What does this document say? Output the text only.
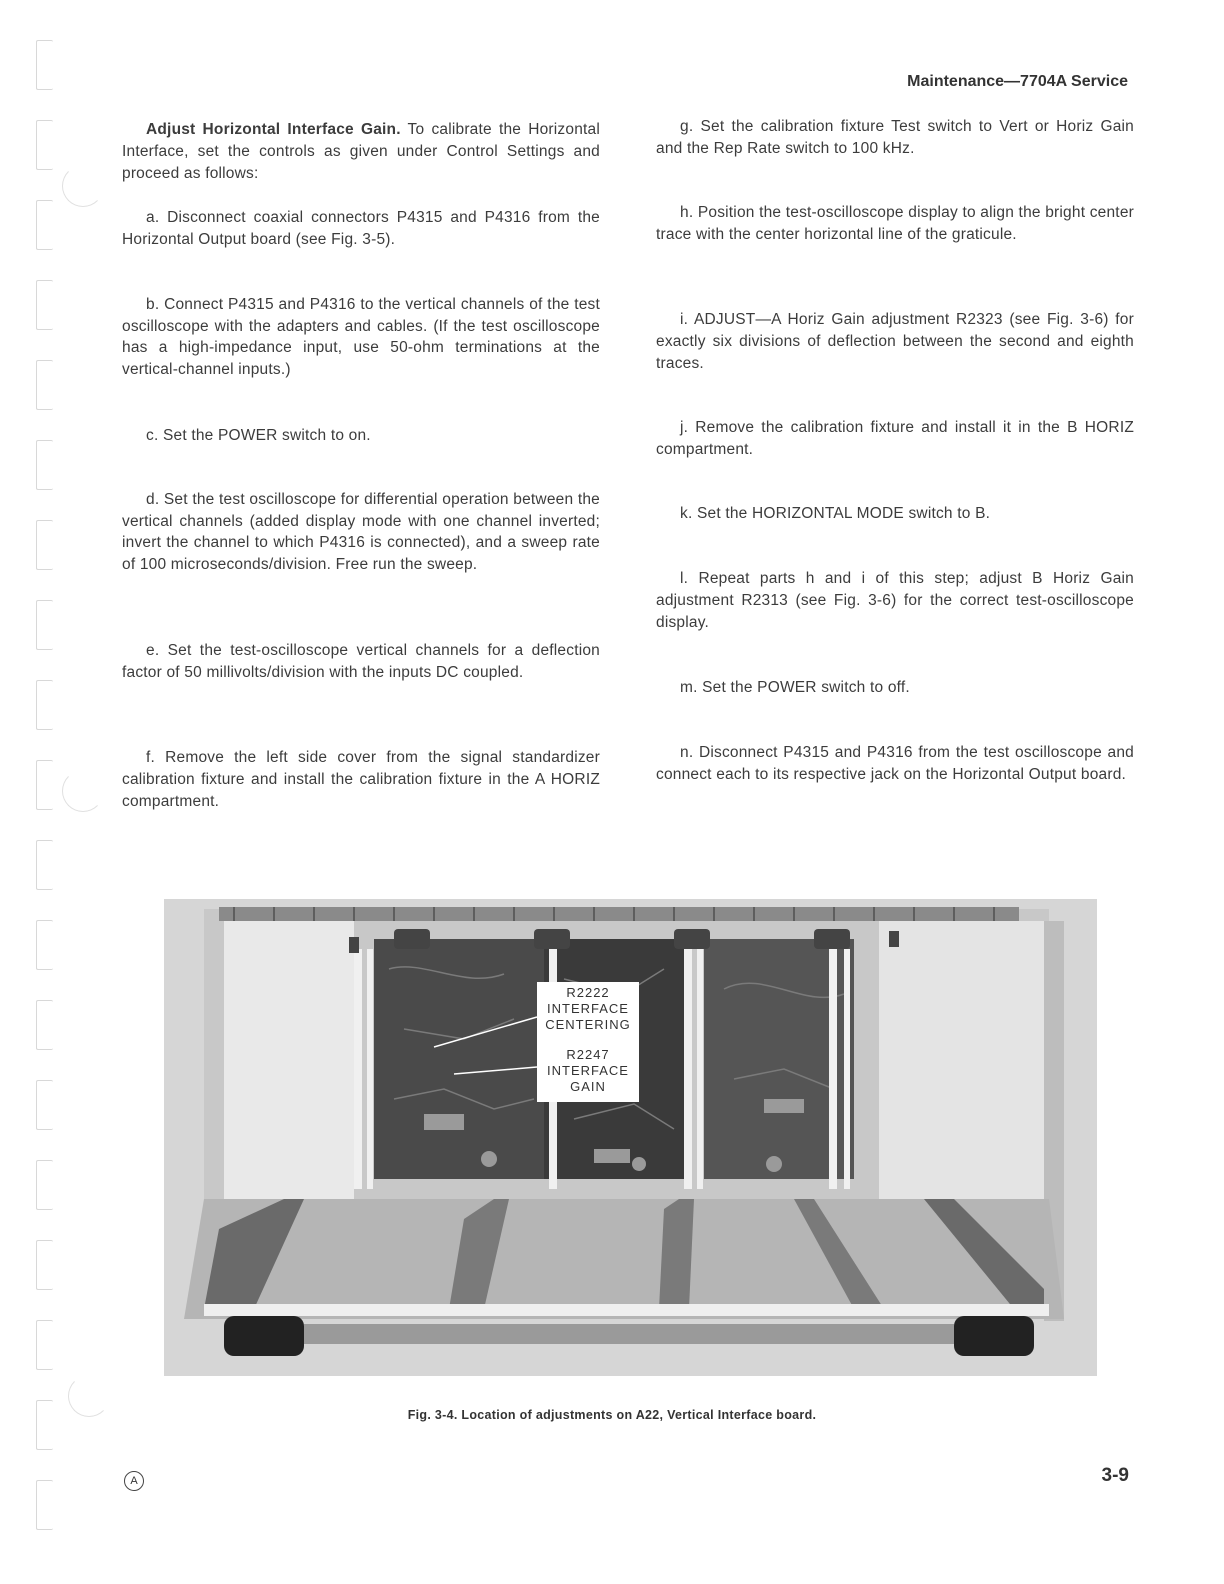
Maintenance—7704A Service

Adjust Horizontal Interface Gain. To calibrate the Horizontal Interface, set the controls as given under Control Settings and proceed as follows:

a. Disconnect coaxial connectors P4315 and P4316 from the Horizontal Output board (see Fig. 3-5).

b. Connect P4315 and P4316 to the vertical channels of the test oscilloscope with the adapters and cables. (If the test oscilloscope has a high-impedance input, use 50-ohm terminations at the vertical-channel inputs.)

c. Set the POWER switch to on.

d. Set the test oscilloscope for differential operation between the vertical channels (added display mode with one channel inverted; invert the channel to which P4316 is connected), and a sweep rate of 100 microseconds/division. Free run the sweep.

e. Set the test-oscilloscope vertical channels for a deflection factor of 50 millivolts/division with the inputs DC coupled.

f. Remove the left side cover from the signal standardizer calibration fixture and install the calibration fixture in the A HORIZ compartment.

g. Set the calibration fixture Test switch to Vert or Horiz Gain and the Rep Rate switch to 100 kHz.

h. Position the test-oscilloscope display to align the bright center trace with the center horizontal line of the graticule.

i. ADJUST—A Horiz Gain adjustment R2323 (see Fig. 3-6) for exactly six divisions of deflection between the second and eighth traces.

j. Remove the calibration fixture and install it in the B HORIZ compartment.

k. Set the HORIZONTAL MODE switch to B.

l. Repeat parts h and i of this step; adjust B Horiz Gain adjustment R2313 (see Fig. 3-6) for the correct test-oscilloscope display.

m. Set the POWER switch to off.

n. Disconnect P4315 and P4316 from the test oscilloscope and connect each to its respective jack on the Horizontal Output board.

R2222
INTERFACE
CENTERING
R2247
INTERFACE
GAIN
Fig. 3-4. Location of adjustments on A22, Vertical Interface board.
A	3-9
